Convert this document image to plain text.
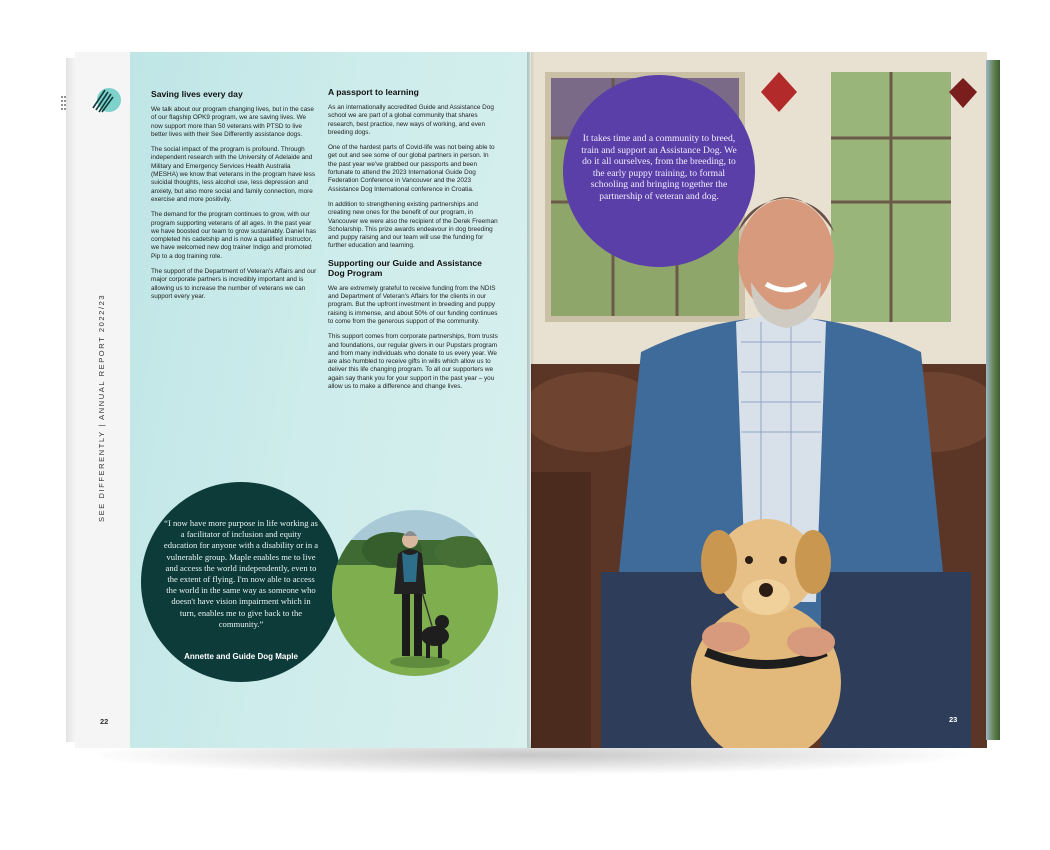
SEE DIFFERENTLY | ANNUAL REPORT 2022/23
22
Saving lives every day

We talk about our program changing lives, but in the case of our flagship OPK9 program, we are saving lives. We now support more than 50 veterans with PTSD to live better lives with their See Differently assistance dogs.

The social impact of the program is profound. Through independent research with the University of Adelaide and Military and Emergency Services Health Australia (MESHA) we know that veterans in the program have less suicidal thoughts, less alcohol use, less depression and anxiety, but also more social and family connection, more exercise and more positivity.

The demand for the program continues to grow, with our program supporting veterans of all ages. In the past year we have boosted our team to grow sustainably. Daniel has completed his cadetship and is now a qualified instructor, we have welcomed new dog trainer Indigo and promoted Pip to a dog training role.

The support of the Department of Veteran's Affairs and our major corporate partners is incredibly important and is allowing us to increase the number of veterans we can support every year.

A passport to learning

As an internationally accredited Guide and Assistance Dog school we are part of a global community that shares research, best practice, new ways of working, and even breeding dogs.

One of the hardest parts of Covid-life was not being able to get out and see some of our global partners in person. In the past year we've grabbed our passports and been fortunate to attend the 2023 International Guide Dog Federation Conference in Vancouver and the 2023 Assistance Dog International conference in Croatia.

In addition to strengthening existing partnerships and creating new ones for the benefit of our program, in Vancouver we were also the recipient of the Derek Freeman Scholarship. This prize awards endeavour in dog breeding and puppy raising and our team will use the funding for further education and learning.

Supporting our Guide and Assistance Dog Program

We are extremely grateful to receive funding from the NDIS and Department of Veteran's Affairs for the clients in our program. But the upfront investment in breeding and puppy raising is immense, and about 50% of our funding continues to come from the generous support of the community.

This support comes from corporate partnerships, from trusts and foundations, our regular givers in our Pupstars program and from many individuals who donate to us every year. We are also humbled to receive gifts in wills which allow us to deliver this life changing program. To all our supporters we again say thank you for your support in the past year – you allow us to make a difference and change lives.

“I now have more purpose in life working as a facilitator of inclusion and equity education for anyone with a disability or in a vulnerable group. Maple enables me to live and access the world independently, even to the extent of flying. I'm now able to access the world in the same way as someone who doesn't have vision impairment which in turn, enables me to give back to the community.”
Annette and Guide Dog Maple
It takes time and a community to breed, train and support an Assistance Dog. We do it all ourselves, from the breeding, to the early puppy training, to formal schooling and bringing together the partnership of veteran and dog.
23
